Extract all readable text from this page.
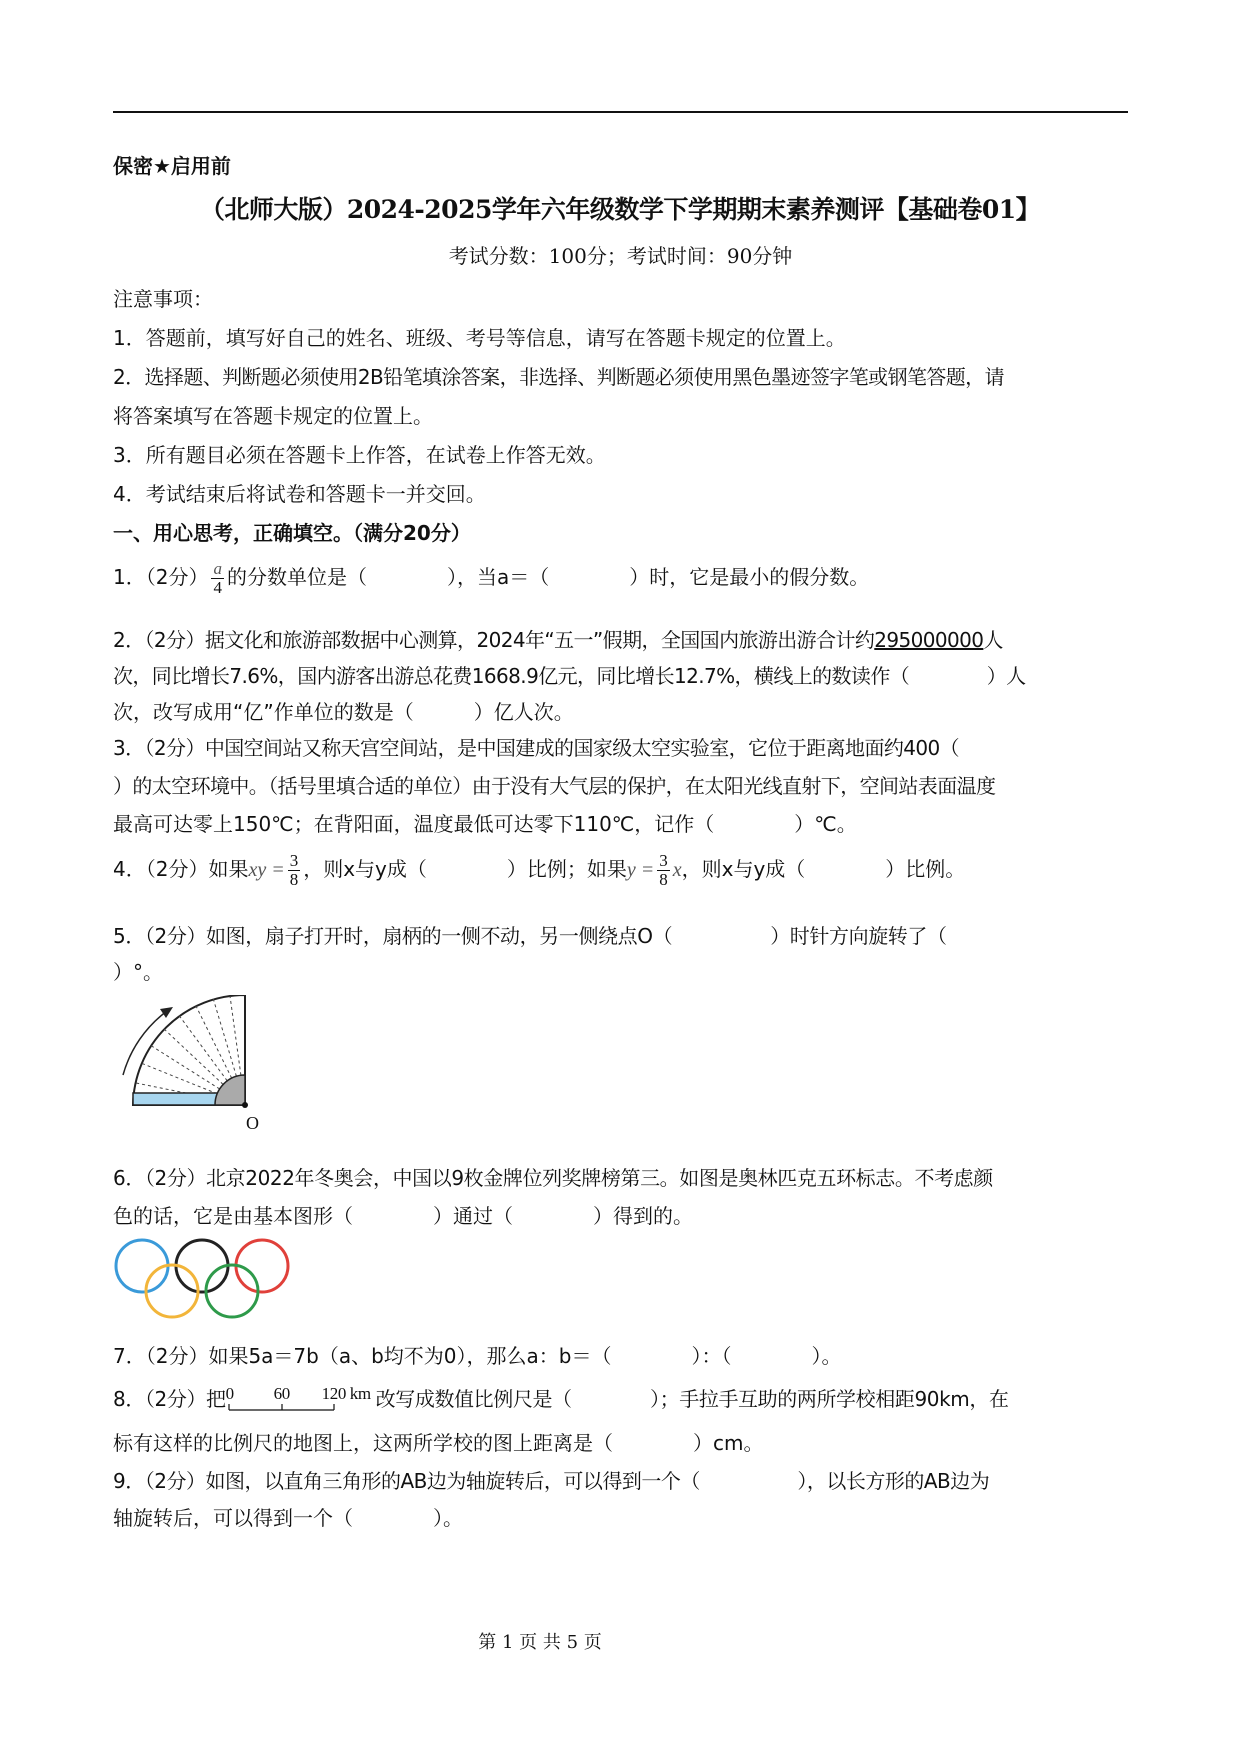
保密★启用前
（北师大版）2024-2025学年六年级数学下学期期末素养测评【基础卷01】
考试分数：100分；考试时间：90分钟
注意事项：
1．答题前，填写好自己的姓名、班级、考号等信息，请写在答题卡规定的位置上。
2．选择题、判断题必须使用2B铅笔填涂答案，非选择、判断题必须使用黑色墨迹签字笔或钢笔答题，请
将答案填写在答题卡规定的位置上。
3．所有题目必须在答题卡上作答，在试卷上作答无效。
4．考试结束后将试卷和答题卡一并交回。
一、用心思考，正确填空。（满分20分）
1．（2分） $\frac{a}{4}$ 的分数单位是（　　　　），当a＝（　　　　）时，它是最小的假分数。
2．（2分）据文化和旅游部数据中心测算，2024年“五一”假期，全国国内旅游出游合计约295000000人
次，同比增长7.6%，国内游客出游总花费1668.9亿元，同比增长12.7%，横线上的数读作（　　　　）人
次，改写成用“亿”作单位的数是（　　　）亿人次。
3．（2分）中国空间站又称天宫空间站，是中国建成的国家级太空实验室，它位于距离地面约400（
）的太空环境中。（括号里填合适的单位）由于没有大气层的保护，在太阳光线直射下，空间站表面温度
最高可达零上150℃；在背阳面，温度最低可达零下110℃，记作（　　　　）℃。
4．（2分）如果xy = $\frac{3}{8}$ ，则x与y成（　　　　）比例；如果$y = \frac{3}{8}$ x，则x与y成（　　　　）比例。
5．（2分）如图，扇子打开时，扇柄的一侧不动，另一侧绕点O（　　　　　）时针方向旋转了（
）°。
O
6．（2分）北京2022年冬奥会，中国以9枚金牌位列奖牌榜第三。如图是奥林匹克五环标志。不考虑颜
色的话，它是由基本图形（　　　　）通过（　　　　）得到的。
7．（2分）如果5a＝7b（a、b均不为0），那么a：b＝（　　　　）：（　　　　）。
8．（2分）把 0 60 120 km 改写成数值比例尺是（　　　　）；手拉手互助的两所学校相距90km，在
标有这样的比例尺的地图上，这两所学校的图上距离是（　　　　）cm。
9．（2分）如图，以直角三角形的AB边为轴旋转后，可以得到一个（　　　　　），以长方形的AB边为
轴旋转后，可以得到一个（　　　　）。
第 1 页 共 5 页
